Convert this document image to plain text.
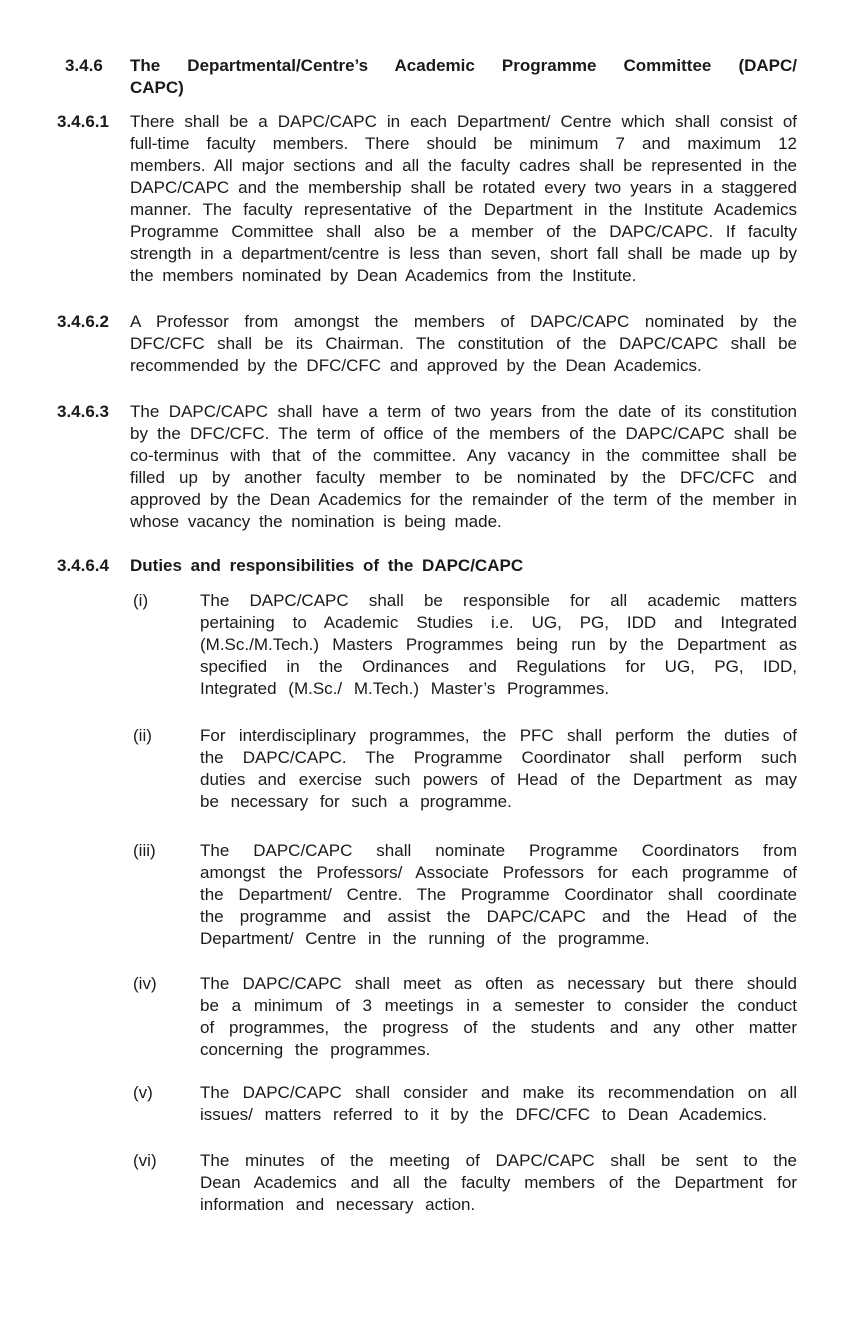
3.4.6 The Departmental/Centre’s Academic Programme Committee (DAPC/
CAPC)
3.4.6.1 There shall be a DAPC/CAPC in each Department/ Centre which shall consist of full-time faculty members. There should be minimum 7 and maximum 12 members. All major sections and all the faculty cadres shall be represented in the DAPC/CAPC and the membership shall be rotated every two years in a staggered manner. The faculty representative of the Department in the Institute Academics Programme Committee shall also be a member of the DAPC/CAPC. If faculty strength in a department/centre is less than seven, short fall shall be made up by the members nominated by Dean Academics from the Institute.
3.4.6.2 A Professor from amongst the members of DAPC/CAPC nominated by the DFC/CFC shall be its Chairman. The constitution of the DAPC/CAPC shall be recommended by the DFC/CFC and approved by the Dean Academics.
3.4.6.3 The DAPC/CAPC shall have a term of two years from the date of its constitution by the DFC/CFC. The term of office of the members of the DAPC/CAPC shall be co-terminus with that of the committee. Any vacancy in the committee shall be filled up by another faculty member to be nominated by the DFC/CFC and approved by the Dean Academics for the remainder of the term of the member in whose vacancy the nomination is being made.
3.4.6.4 Duties and responsibilities of the DAPC/CAPC
(i)	The DAPC/CAPC shall be responsible for all academic matters pertaining to Academic Studies i.e. UG, PG, IDD and Integrated (M.Sc./M.Tech.) Masters Programmes being run by the Department as specified in the Ordinances and Regulations for UG, PG, IDD, Integrated (M.Sc./ M.Tech.) Master’s Programmes.
(ii)	For interdisciplinary programmes, the PFC shall perform the duties of the DAPC/CAPC. The Programme Coordinator shall perform such duties and exercise such powers of Head of the Department as may be necessary for such a programme.
(iii)	The DAPC/CAPC shall nominate Programme Coordinators from amongst the Professors/ Associate Professors for each programme of the Department/ Centre. The Programme Coordinator shall coordinate the programme and assist the DAPC/CAPC and the Head of the Department/ Centre in the running of the programme.
(iv)	The DAPC/CAPC shall meet as often as necessary but there should be a minimum of 3 meetings in a semester to consider the conduct of programmes, the progress of the students and any other matter concerning the programmes.
(v)	The DAPC/CAPC shall consider and make its recommendation on all issues/ matters referred to it by the DFC/CFC to Dean Academics.
(vi)	The minutes of the meeting of DAPC/CAPC shall be sent to the Dean Academics and all the faculty members of the Department for information and necessary action.
